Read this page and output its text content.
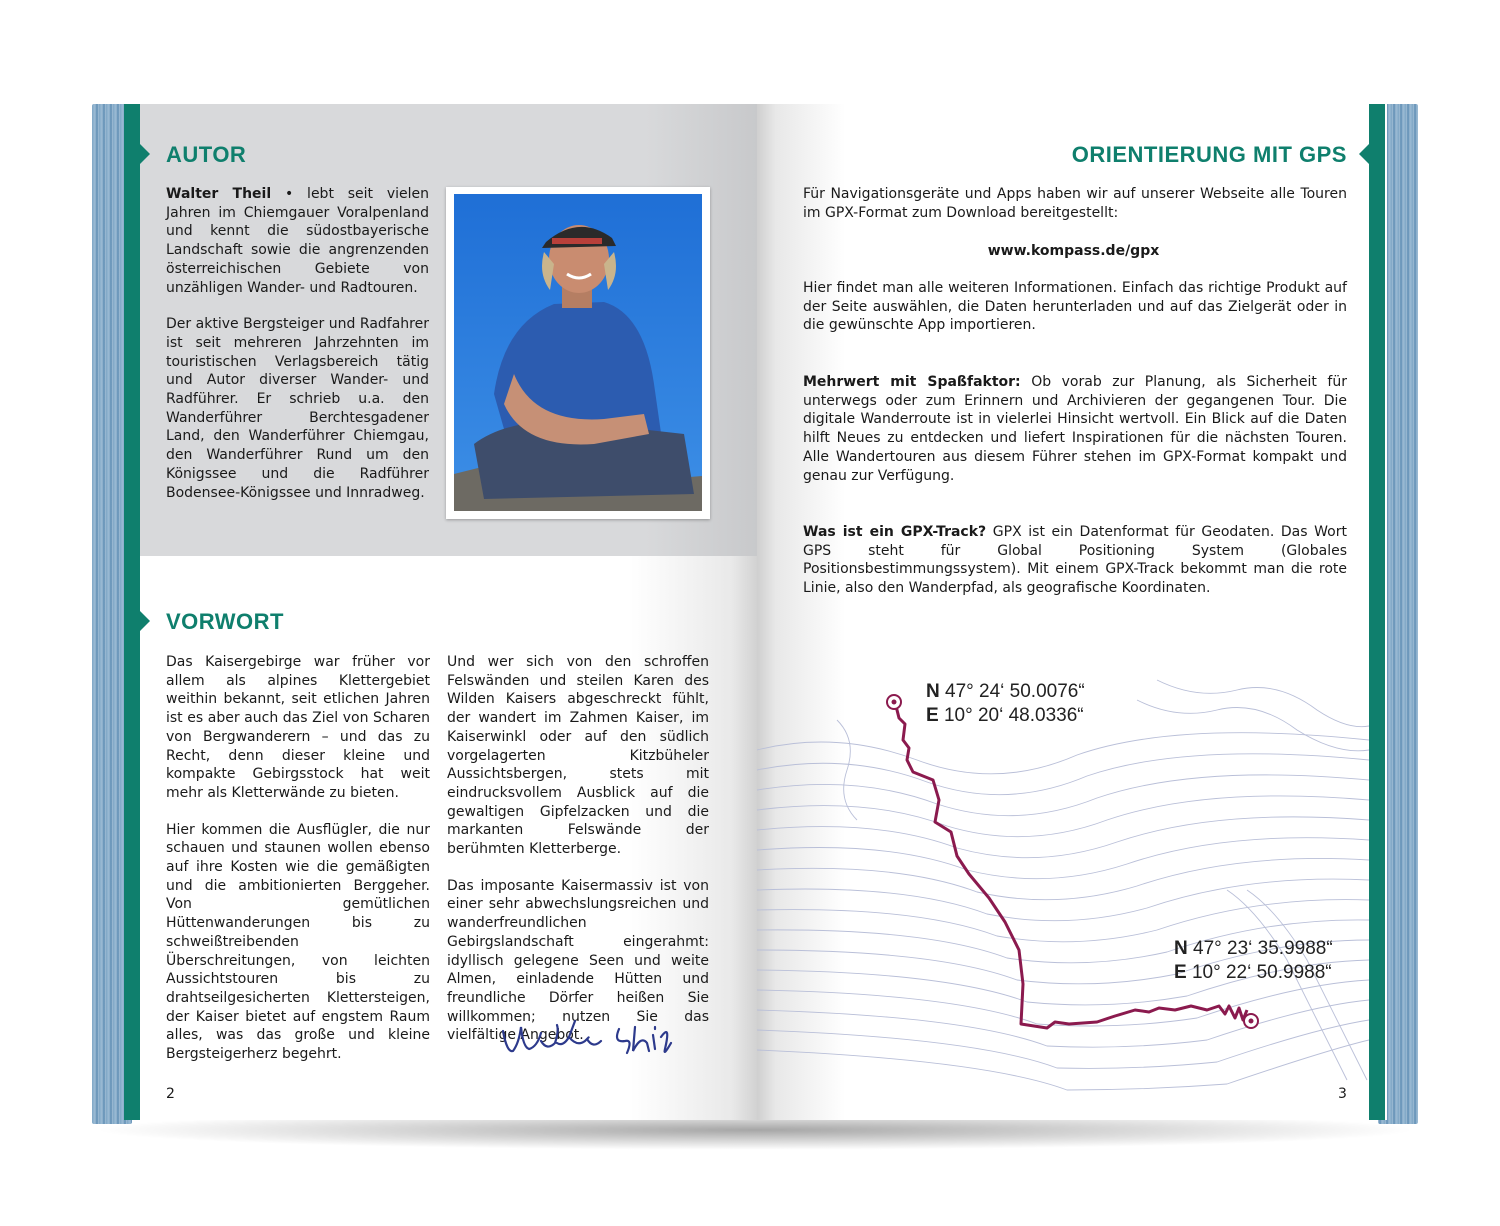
AUTOR

Walter Theil • lebt seit vielen Jahren im Chiemgauer Voralpenland und kennt die südostbayerische Landschaft sowie die angrenzenden österreichischen Gebiete von unzähligen Wander- und Radtouren.

Der aktive Bergsteiger und Radfahrer ist seit mehreren Jahrzehnten im touristischen Verlagsbereich tätig und Autor diverser Wander- und Radführer. Er schrieb u.a. den Wanderführer Berchtesgadener Land, den Wanderführer Chiemgau, den Wanderführer Rund um den Königssee und die Radführer Bodensee-Königssee und Innradweg.

VORWORT

Das Kaisergebirge war früher vor allem als alpines Klettergebiet weithin bekannt, seit etlichen Jahren ist es aber auch das Ziel von Scharen von Bergwanderern – und das zu Recht, denn dieser kleine und kompakte Gebirgsstock hat weit mehr als Kletterwände zu bieten.

Hier kommen die Ausflügler, die nur schauen und staunen wollen ebenso auf ihre Kosten wie die gemäßigten und die ambitionierten Berggeher. Von gemütlichen Hüttenwanderungen bis zu schweißtreibenden Überschreitungen, von leichten Aussichtstouren bis zu drahtseilgesicherten Klettersteigen, der Kaiser bietet auf engstem Raum alles, was das große und kleine Bergsteigerherz begehrt.

Und wer sich von den schroffen Felswänden und steilen Karen des Wilden Kaisers abgeschreckt fühlt, der wandert im Zahmen Kaiser, im Kaiserwinkl oder auf den südlich vorgelagerten Kitzbüheler Aussichtsbergen, stets mit eindrucksvollem Ausblick auf die gewaltigen Gipfelzacken und die markanten Felswände der berühmten Kletterberge.

Das imposante Kaisermassiv ist von einer sehr abwechslungsreichen und wanderfreundlichen Gebirgslandschaft eingerahmt: idyllisch gelegene Seen und weite Almen, einladende Hütten und freundliche Dörfer heißen Sie willkommen; nutzen Sie das vielfältige Angebot.

2
ORIENTIERUNG MIT GPS
Für Navigationsgeräte und Apps haben wir auf unserer Webseite alle Touren im GPX-Format zum Download bereitgestellt:
www.kompass.de/gpx
Hier findet man alle weiteren Informationen. Einfach das richtige Produkt auf der Seite auswählen, die Daten herunterladen und auf das Zielgerät oder in die gewünschte App importieren.
Mehrwert mit Spaßfaktor: Ob vorab zur Planung, als Sicherheit für unterwegs oder zum Erinnern und Archivieren der gegangenen Tour. Die digitale Wanderroute ist in vielerlei Hinsicht wertvoll. Ein Blick auf die Daten hilft Neues zu entdecken und liefert Inspirationen für die nächsten Touren. Alle Wandertouren aus diesem Führer stehen im GPX-Format kompakt und genau zur Verfügung.
Was ist ein GPX-Track? GPX ist ein Datenformat für Geodaten. Das Wort GPS steht für Global Positioning System (Globales Positionsbestimmungssystem). Mit einem GPX-Track bekommt man die rote Linie, also den Wanderpfad, als geografische Koordinaten.
N 47° 24‘ 50.0076“
E 10° 20‘ 48.0336“
N 47° 23‘ 35.9988“
E 10° 22‘ 50.9988“
3
